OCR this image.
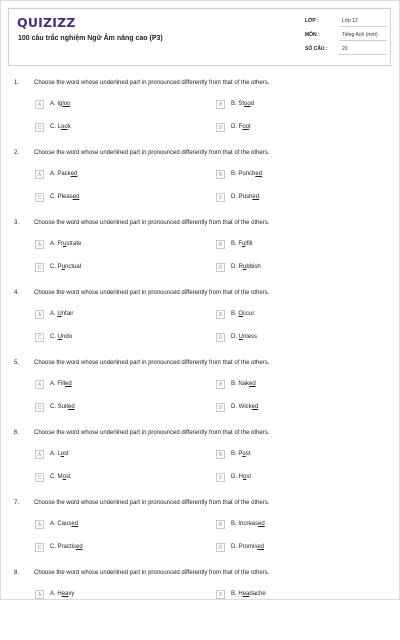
QUIZIZZ
100 câu trắc nghiệm Ngữ Âm nâng cao (P3)
LỚP :	Lớp 12
MÔN :	Tiếng Anh (mới)
SỐ CÂU :	20
1. Choose the word whose underlined part in pronounced differently from that of the others.
A	A. Igloo	B	B. Stood
C	C. Look	D	D. Foot
2. Choose the word whose underlined part in pronounced differently from that of the others.
A	A. Packed	B	B. Punched
C	C. Pleased	D	D. Pushed
3. Choose the word whose underlined part in pronounced differently from that of the others.
A	A. Frustrate	B	B. Fulfill
C	C. Punctual	D	D. Rubbish
4. Choose the word whose underlined part in pronounced differently from that of the others.
A	A. Unfair	B	B. Occur
C	C. Undo	D	D. Unless
5. Choose the word whose underlined part in pronounced differently from that of the others.
A	A. Filled	B	B. Naked
C	C. Suited	D	D. Wicked
6. Choose the word whose underlined part in pronounced differently from that of the others.
A	A. Lost	B	B. Post
C	C. Most	D	D. Host
7. Choose the word whose underlined part in pronounced differently from that of the others.
A	A. Caused	B	B. Increased
C	C. Practised	D	D. Promised
8. Choose the word whose underlined part in pronounced differently from that of the others.
A	A. Heavy	B	B. Headache
